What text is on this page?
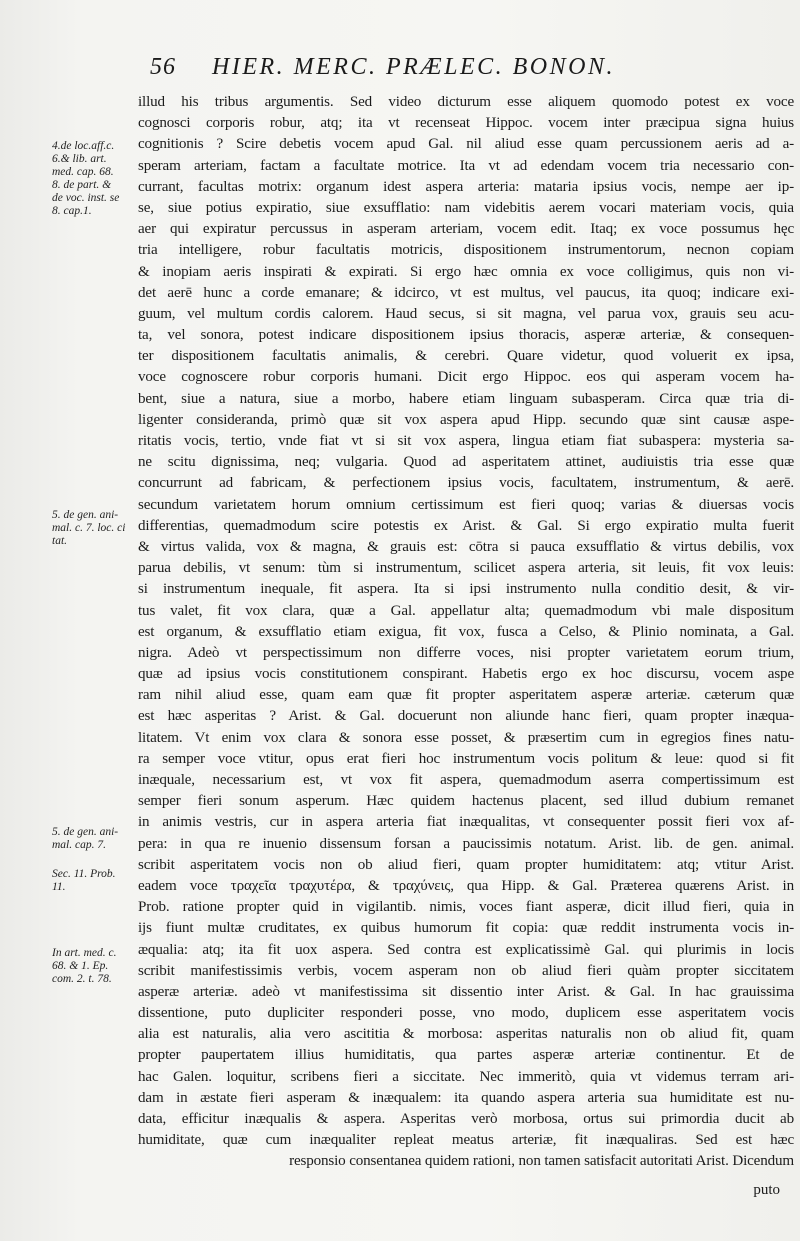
56 HIER. MERC. PRÆLEC. BONON.
4.de loc.aff.c.
6.& lib. art.
med. cap. 68.
8. de part. &
de voc. inst. se
8. cap.1.
5. de gen. ani-
mal. c. 7. loc. ci
tat.
5. de gen. ani-
mal. cap. 7.
Sec. 11. Prob.
11.
In art. med. c.
68. & 1. Ep.
com. 2. t. 78.
illud his tribus argumentis. Sed video dicturum esse aliquem quomodo potest ex voce
cognosci corporis robur, atq; ita vt recenseat Hippoc. vocem inter præcipua signa huius
cognitionis ? Scire debetis vocem apud Gal. nil aliud esse quam percussionem aeris ad a-
speram arteriam, factam a facultate motrice. Ita vt ad edendam vocem tria necessario con-
currant, facultas motrix: organum idest aspera arteria: mataria ipsius vocis, nempe aer ip-
se, siue potius expiratio, siue exsufflatio: nam videbitis aerem vocari materiam vocis, quia
aer qui expiratur percussus in asperam arteriam, vocem edit. Itaq; ex voce possumus hęc
tria intelligere, robur facultatis motricis, dispositionem instrumentorum, necnon copiam
& inopiam aeris inspirati & expirati. Si ergo hæc omnia ex voce colligimus, quis non vi-
det aerē hunc a corde emanare; & idcirco, vt est multus, vel paucus, ita quoq; indicare exi-
guum, vel multum cordis calorem. Haud secus, si sit magna, vel parua vox, grauis seu acu-
ta, vel sonora, potest indicare dispositionem ipsius thoracis, asperæ arteriæ, & consequen-
ter dispositionem facultatis animalis, & cerebri. Quare videtur, quod voluerit ex ipsa,
voce cognoscere robur corporis humani. Dicit ergo Hippoc. eos qui asperam vocem ha-
bent, siue a natura, siue a morbo, habere etiam linguam subasperam. Circa quæ tria di-
ligenter consideranda, primò quæ sit vox aspera apud Hipp. secundo quæ sint causæ aspe-
ritatis vocis, tertio, vnde fiat vt si sit vox aspera, lingua etiam fiat subaspera: mysteria sa-
ne scitu dignissima, neq; vulgaria. Quod ad asperitatem attinet, audiuistis tria esse quæ
concurrunt ad fabricam, & perfectionem ipsius vocis, facultatem, instrumentum, & aerē.
secundum varietatem horum omnium certissimum est fieri quoq; varias & diuersas vocis
differentias, quemadmodum scire potestis ex Arist. & Gal. Si ergo expiratio multa fuerit
& virtus valida, vox & magna, & grauis est: cōtra si pauca exsufflatio & virtus debilis, vox
parua debilis, vt senum: tùm si instrumentum, scilicet aspera arteria, sit leuis, fit vox leuis:
si instrumentum inequale, fit aspera. Ita si ipsi instrumento nulla conditio desit, & vir-
tus valet, fit vox clara, quæ a Gal. appellatur alta; quemadmodum vbi male dispositum
est organum, & exsufflatio etiam exigua, fit vox, fusca a Celso, & Plinio nominata, a Gal.
nigra. Adeò vt perspectissimum non differre voces, nisi propter varietatem eorum trium,
quæ ad ipsius vocis constitutionem conspirant. Habetis ergo ex hoc discursu, vocem aspe
ram nihil aliud esse, quam eam quæ fit propter asperitatem asperæ arteriæ. cæterum quæ
est hæc asperitas ? Arist. & Gal. docuerunt non aliunde hanc fieri, quam propter inæqua-
litatem. Vt enim vox clara & sonora esse posset, & præsertim cum in egregios fines natu-
ra semper voce vtitur, opus erat fieri hoc instrumentum vocis politum & leue: quod si fit
inæquale, necessarium est, vt vox fit aspera, quemadmodum aserra compertissimum est
semper fieri sonum asperum. Hæc quidem hactenus placent, sed illud dubium remanet
in animis vestris, cur in aspera arteria fiat inæqualitas, vt consequenter possit fieri vox af-
pera: in qua re inuenio dissensum forsan a paucissimis notatum. Arist. lib. de gen. animal.
scribit asperitatem vocis non ob aliud fieri, quam propter humiditatem: atq; vtitur Arist.
eadem voce τραχεῖα τραχυτέρα, & τραχύνεις, qua Hipp. & Gal. Præterea quærens Arist. in
Prob. ratione propter quid in vigilantib. nimis, voces fiant asperæ, dicit illud fieri, quia in
ijs fiunt multæ cruditates, ex quibus humorum fit copia: quæ reddit instrumenta vocis in-
æqualia: atq; ita fit uox aspera. Sed contra est explicatissimè Gal. qui plurimis in locis
scribit manifestissimis verbis, vocem asperam non ob aliud fieri quàm propter siccitatem
asperæ arteriæ. adeò vt manifestissima sit dissentio inter Arist. & Gal. In hac grauissima
dissentione, puto dupliciter responderi posse, vno modo, duplicem esse asperitatem vocis
alia est naturalis, alia vero ascititia & morbosa: asperitas naturalis non ob aliud fit, quam
propter paupertatem illius humiditatis, qua partes asperæ arteriæ continentur. Et de
hac Galen. loquitur, scribens fieri a siccitate. Nec immeritò, quia vt videmus terram ari-
dam in æstate fieri asperam & inæqualem: ita quando aspera arteria sua humiditate est nu-
data, efficitur inæqualis & aspera. Asperitas verò morbosa, ortus sui primordia ducit ab
humiditate, quæ cum inæqualiter repleat meatus arteriæ, fit inæqualiras. Sed est hæc
responsio consentanea quidem rationi, non tamen satisfacit autoritati Arist. Dicendum
puto
